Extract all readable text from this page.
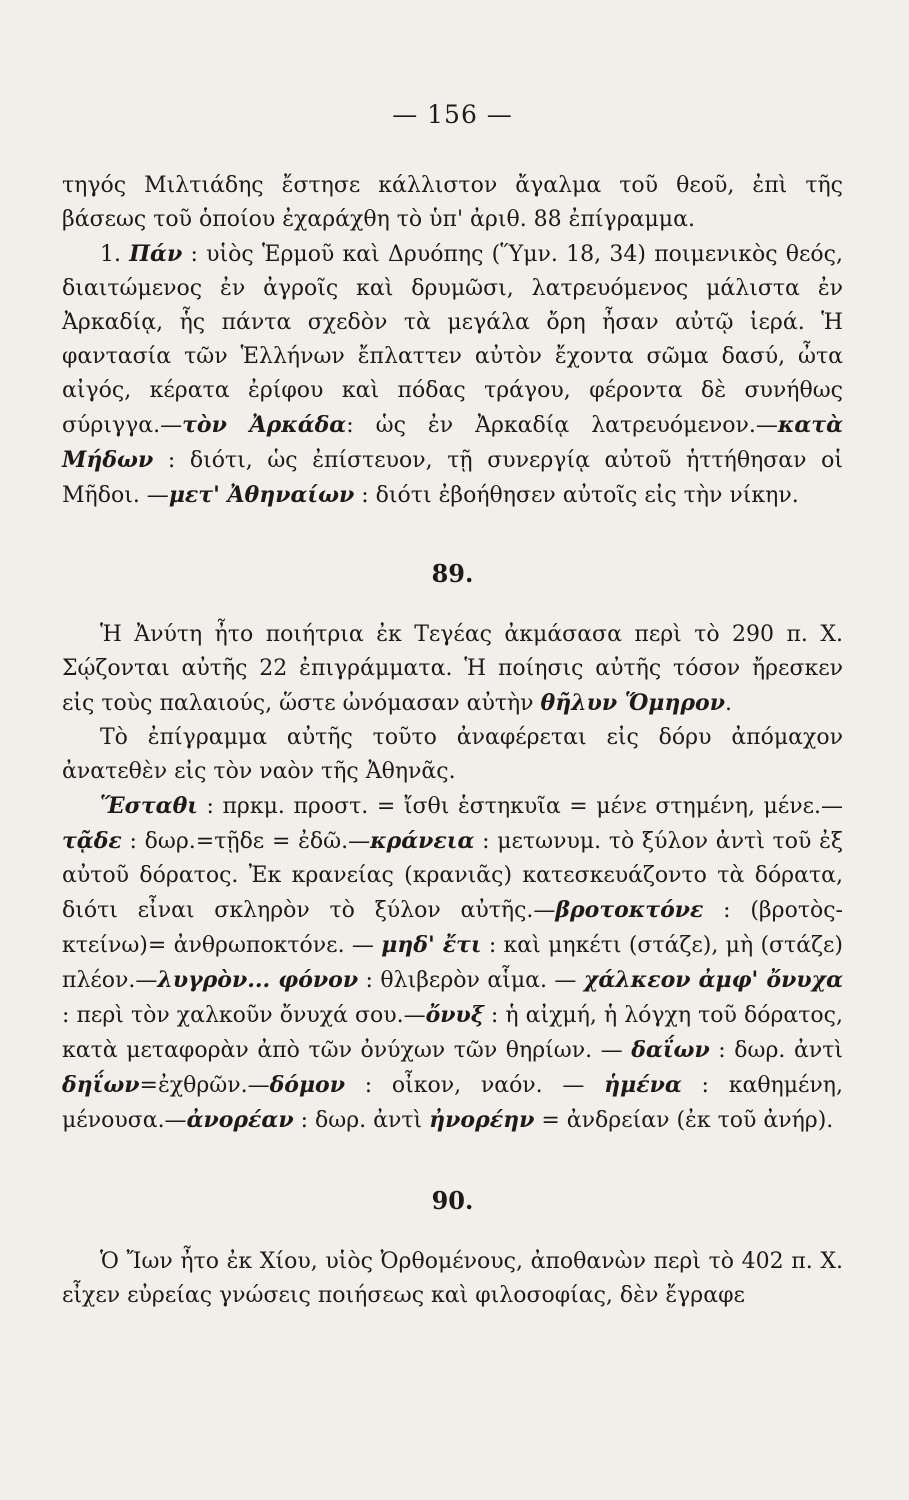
— 156 —

τηγός Μιλτιάδης ἔστησε κάλλιστον ἄγαλμα τοῦ θεοῦ, ἐπὶ τῆς βάσεως τοῦ ὁποίου ἐχαράχθη τὸ ὑπ' ἀριθ. 88 ἐπίγραμμα.

1. Πάν : υἱὸς Ἑρμοῦ καὶ Δρυόπης (Ὕμν. 18, 34) ποιμενικὸς θεός, διαιτώμενος ἐν ἀγροῖς καὶ δρυμῶσι, λατρευόμενος μάλιστα ἐν Ἀρκαδίᾳ, ἧς πάντα σχεδὸν τὰ μεγάλα ὄρη ἦσαν αὐτῷ ἱερά. Ἡ φαντασία τῶν Ἑλλήνων ἔπλαττεν αὐτὸν ἔχοντα σῶμα δασύ, ὦτα αἰγός, κέρατα ἐρίφου καὶ πόδας τράγου, φέροντα δὲ συνήθως σύριγγα.—τὸν Ἀρκάδα: ὡς ἐν Ἀρκαδίᾳ λατρευόμενον.—κατὰ Μήδων : διότι, ὡς ἐπίστευον, τῇ συνεργίᾳ αὐτοῦ ἡττήθησαν οἱ Μῆδοι. —μετ' Ἀθηναίων : διότι ἐβοήθησεν αὐτοῖς εἰς τὴν νίκην.

89.

Ἡ Ἀνύτη ἦτο ποιήτρια ἐκ Τεγέας ἀκμάσασα περὶ τὸ 290 π. Χ. Σῴζονται αὐτῆς 22 ἐπιγράμματα. Ἡ ποίησις αὐτῆς τόσον ἤρεσκεν εἰς τοὺς παλαιούς, ὥστε ὠνόμασαν αὐτὴν θῆλυν Ὅμηρον.

Τὸ ἐπίγραμμα αὐτῆς τοῦτο ἀναφέρεται εἰς δόρυ ἀπόμαχον ἀνατεθὲν εἰς τὸν ναὸν τῆς Ἀθηνᾶς.

Ἕσταθι : πρκμ. προστ. = ἴσθι ἑστηκυῖα = μένε στημένη, μένε.— τᾷδε : δωρ.=τῇδε = ἐδῶ.—κράνεια : μετωνυμ. τὸ ξύλον ἀντὶ τοῦ ἐξ αὐτοῦ δόρατος. Ἐκ κρανείας (κρανιᾶς) κατεσκευάζοντο τὰ δόρατα, διότι εἶναι σκληρὸν τὸ ξύλον αὐτῆς.—βροτοκτόνε : (βροτὸς-κτείνω)= ἀνθρωποκτόνε. — μηδ' ἔτι : καὶ μηκέτι (στάζε), μὴ (στάζε) πλέον.—λυγρὸν... φόνον : θλιβερὸν αἷμα. — χάλκεον ἀμφ' ὄνυχα : περὶ τὸν χαλκοῦν ὄνυχά σου.—ὄνυξ : ἡ αἰχμή, ἡ λόγχη τοῦ δόρατος, κατὰ μεταφορὰν ἀπὸ τῶν ὀνύχων τῶν θηρίων. — δαΐων : δωρ. ἀντὶ δηΐων=ἐχθρῶν.—δόμον : οἶκον, ναόν. — ἡμένα : καθημένη, μένουσα.—ἀνορέαν : δωρ. ἀντὶ ἠνορέην = ἀνδρείαν (ἐκ τοῦ ἀνήρ).

90.

Ὁ Ἴων ἦτο ἐκ Χίου, υἱὸς Ὀρθομένους, ἀποθανὼν περὶ τὸ 402 π. Χ. εἶχεν εὐρείας γνώσεις ποιήσεως καὶ φιλοσοφίας, δὲν ἔγραφε
